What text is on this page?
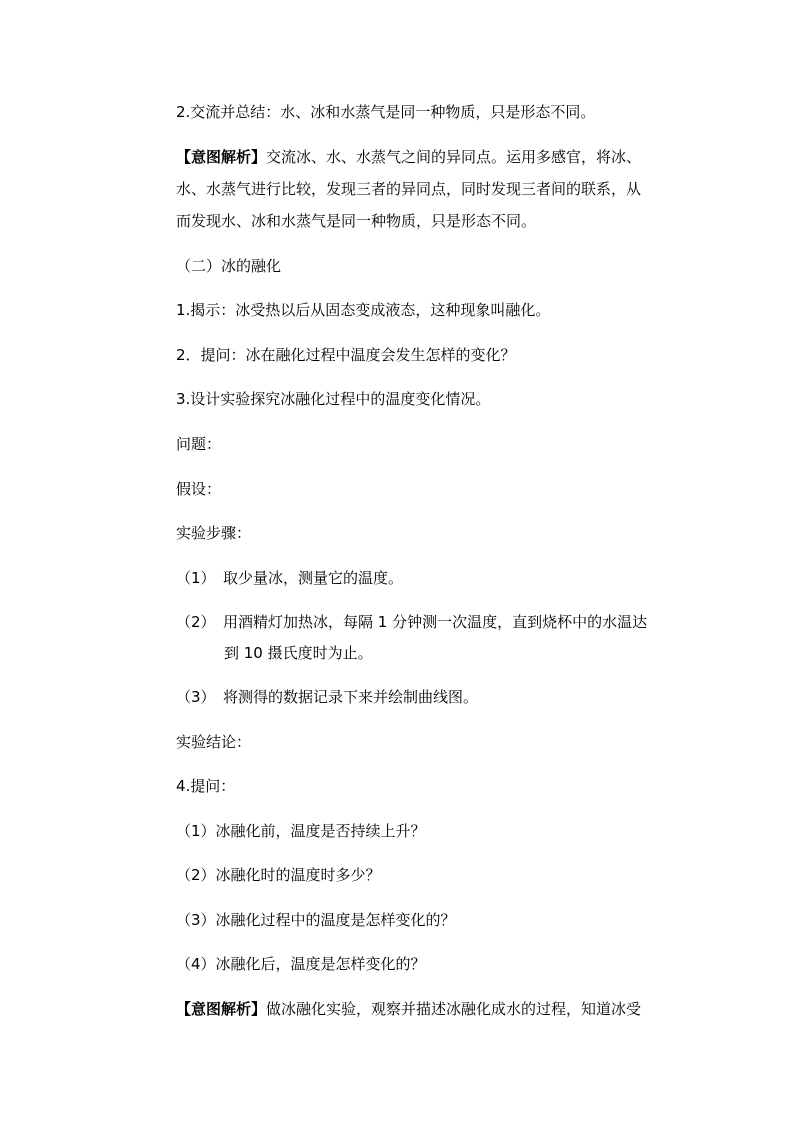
2.交流并总结：水、冰和水蒸气是同一种物质，只是形态不同。
【意图解析】交流冰、水、水蒸气之间的异同点。运用多感官，将冰、
水、水蒸气进行比较，发现三者的异同点，同时发现三者间的联系，从
而发现水、冰和水蒸气是同一种物质，只是形态不同。
（二）冰的融化
1.揭示：冰受热以后从固态变成液态，这种现象叫融化。
2．提问：冰在融化过程中温度会发生怎样的变化？
3.设计实验探究冰融化过程中的温度变化情况。
问题：
假设：
实验步骤：
（1） 取少量冰，测量它的温度。
（2） 用酒精灯加热冰，每隔 1 分钟测一次温度，直到烧杯中的水温达
到 10 摄氏度时为止。
（3） 将测得的数据记录下来并绘制曲线图。
实验结论：
4.提问：
（1）冰融化前，温度是否持续上升？
（2）冰融化时的温度时多少？
（3）冰融化过程中的温度是怎样变化的？
（4）冰融化后，温度是怎样变化的？
【意图解析】做冰融化实验，观察并描述冰融化成水的过程，知道冰受
